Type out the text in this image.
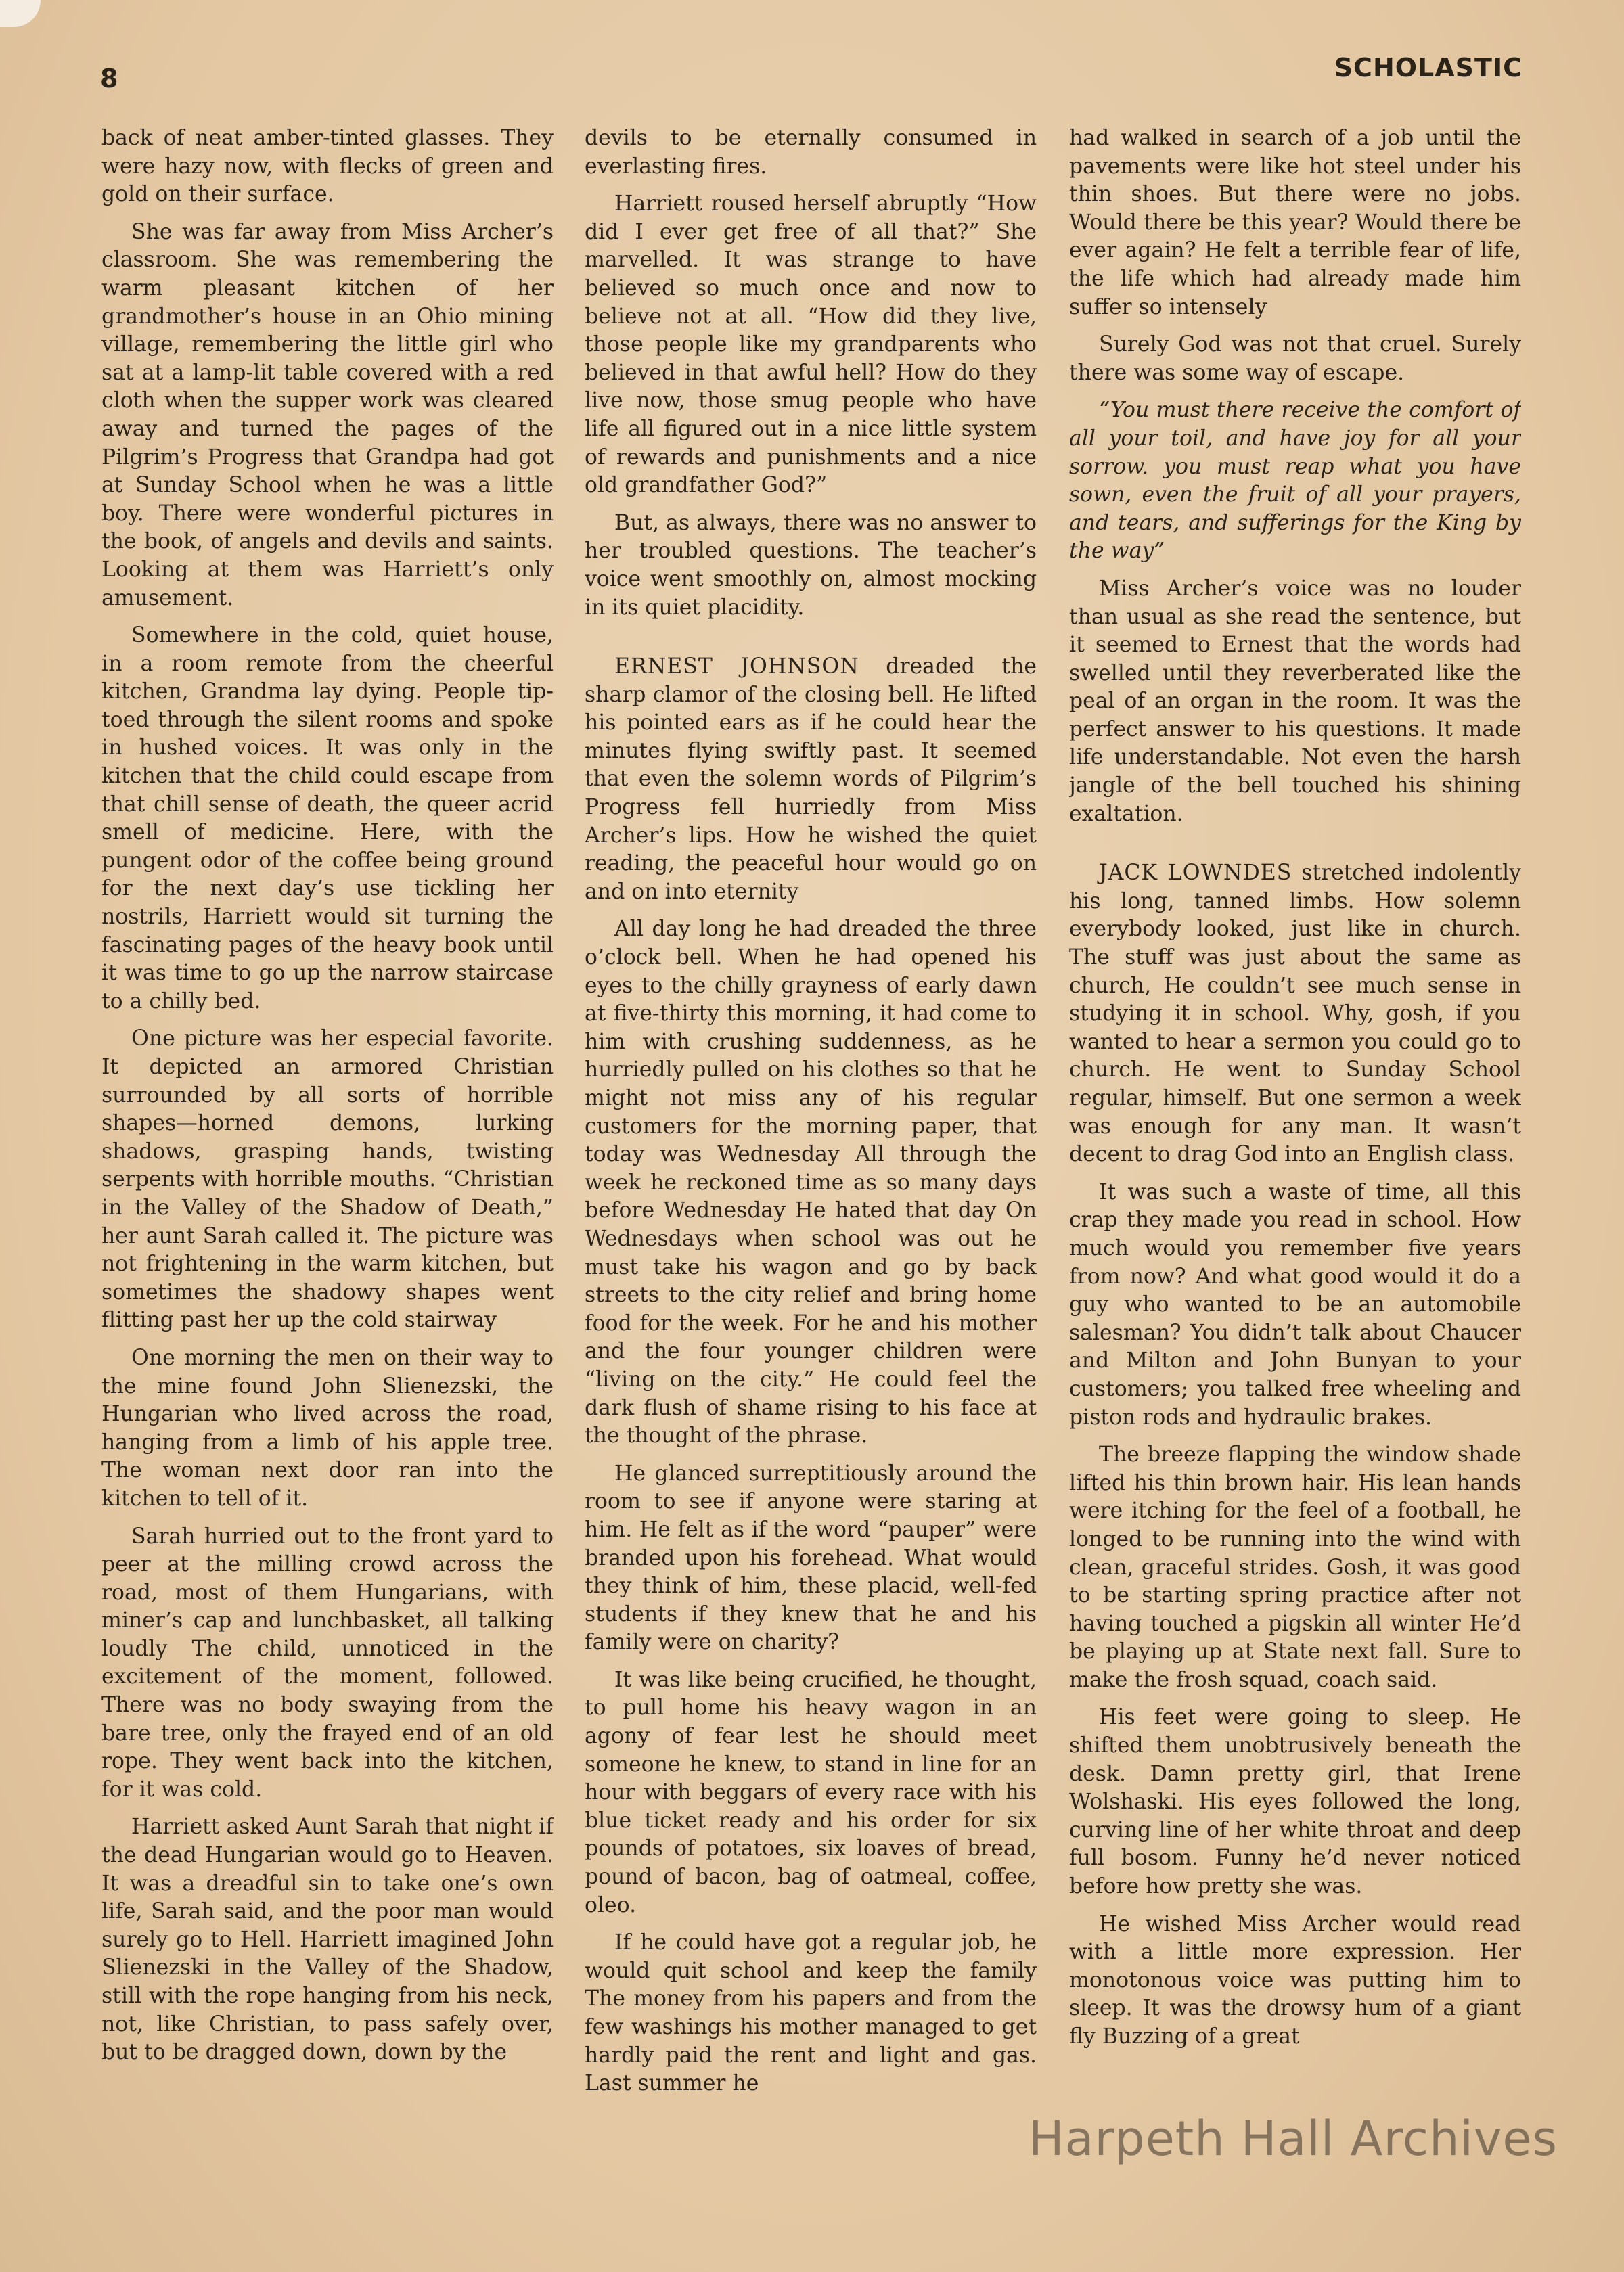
8	SCHOLASTIC

back of neat amber-tinted glasses. They were hazy now, with flecks of green and gold on their surface.

She was far away from Miss Archer’s classroom. She was remembering the warm pleasant kitchen of her grandmother’s house in an Ohio mining village, remembering the little girl who sat at a lamp-lit table covered with a red cloth when the supper work was cleared away and turned the pages of the Pilgrim’s Progress that Grandpa had got at Sunday School when he was a little boy. There were wonderful pictures in the book, of angels and devils and saints. Looking at them was Harriett’s only amusement.

Somewhere in the cold, quiet house, in a room remote from the cheerful kitchen, Grandma lay dying. People tip-toed through the silent rooms and spoke in hushed voices. It was only in the kitchen that the child could escape from that chill sense of death, the queer acrid smell of medicine. Here, with the pungent odor of the coffee being ground for the next day’s use tickling her nostrils, Harriett would sit turning the fascinating pages of the heavy book until it was time to go up the narrow staircase to a chilly bed.

One picture was her especial favorite. It depicted an armored Christian surrounded by all sorts of horrible shapes—horned demons, lurking shadows, grasping hands, twisting serpents with horrible mouths. “Christian in the Valley of the Shadow of Death,” her aunt Sarah called it. The picture was not frightening in the warm kitchen, but sometimes the shadowy shapes went flitting past her up the cold stairway

One morning the men on their way to the mine found John Slienezski, the Hungarian who lived across the road, hanging from a limb of his apple tree. The woman next door ran into the kitchen to tell of it.

Sarah hurried out to the front yard to peer at the milling crowd across the road, most of them Hungarians, with miner’s cap and lunchbasket, all talking loudly The child, unnoticed in the excitement of the moment, followed. There was no body swaying from the bare tree, only the frayed end of an old rope. They went back into the kitchen, for it was cold.

Harriett asked Aunt Sarah that night if the dead Hungarian would go to Heaven. It was a dreadful sin to take one’s own life, Sarah said, and the poor man would surely go to Hell. Harriett imagined John Slienezski in the Valley of the Shadow, still with the rope hanging from his neck, not, like Christian, to pass safely over, but to be dragged down, down by the

devils to be eternally consumed in everlasting fires.

Harriett roused herself abruptly “How did I ever get free of all that?” She marvelled. It was strange to have believed so much once and now to believe not at all. “How did they live, those people like my grandparents who believed in that awful hell? How do they live now, those smug people who have life all figured out in a nice little system of rewards and punishments and a nice old grandfather God?”

But, as always, there was no answer to her troubled questions. The teacher’s voice went smoothly on, almost mocking in its quiet placidity.

ERNEST JOHNSON dreaded the sharp clamor of the closing bell. He lifted his pointed ears as if he could hear the minutes flying swiftly past. It seemed that even the solemn words of Pilgrim’s Progress fell hurriedly from Miss Archer’s lips. How he wished the quiet reading, the peaceful hour would go on and on into eternity

All day long he had dreaded the three o’clock bell. When he had opened his eyes to the chilly grayness of early dawn at five-thirty this morning, it had come to him with crushing suddenness, as he hurriedly pulled on his clothes so that he might not miss any of his regular customers for the morning paper, that today was Wednesday All through the week he reckoned time as so many days before Wednesday He hated that day On Wednesdays when school was out he must take his wagon and go by back streets to the city relief and bring home food for the week. For he and his mother and the four younger children were “living on the city.” He could feel the dark flush of shame rising to his face at the thought of the phrase.

He glanced surreptitiously around the room to see if anyone were staring at him. He felt as if the word “pauper” were branded upon his forehead. What would they think of him, these placid, well-fed students if they knew that he and his family were on charity?

It was like being crucified, he thought, to pull home his heavy wagon in an agony of fear lest he should meet someone he knew, to stand in line for an hour with beggars of every race with his blue ticket ready and his order for six pounds of potatoes, six loaves of bread, pound of bacon, bag of oatmeal, coffee, oleo.

If he could have got a regular job, he would quit school and keep the family The money from his papers and from the few washings his mother managed to get hardly paid the rent and light and gas. Last summer he

had walked in search of a job until the pavements were like hot steel under his thin shoes. But there were no jobs. Would there be this year? Would there be ever again? He felt a terrible fear of life, the life which had already made him suffer so intensely

Surely God was not that cruel. Surely there was some way of escape.

“You must there receive the comfort of all your toil, and have joy for all your sorrow. you must reap what you have sown, even the fruit of all your prayers, and tears, and sufferings for the King by the way”

Miss Archer’s voice was no louder than usual as she read the sentence, but it seemed to Ernest that the words had swelled until they reverberated like the peal of an organ in the room. It was the perfect answer to his questions. It made life understandable. Not even the harsh jangle of the bell touched his shining exaltation.

JACK LOWNDES stretched indolently his long, tanned limbs. How solemn everybody looked, just like in church. The stuff was just about the same as church, He couldn’t see much sense in studying it in school. Why, gosh, if you wanted to hear a sermon you could go to church. He went to Sunday School regular, himself. But one sermon a week was enough for any man. It wasn’t decent to drag God into an English class.

It was such a waste of time, all this crap they made you read in school. How much would you remember five years from now? And what good would it do a guy who wanted to be an automobile salesman? You didn’t talk about Chaucer and Milton and John Bunyan to your customers; you talked free wheeling and piston rods and hydraulic brakes.

The breeze flapping the window shade lifted his thin brown hair. His lean hands were itching for the feel of a football, he longed to be running into the wind with clean, graceful strides. Gosh, it was good to be starting spring practice after not having touched a pigskin all winter He’d be playing up at State next fall. Sure to make the frosh squad, coach said.

His feet were going to sleep. He shifted them unobtrusively beneath the desk. Damn pretty girl, that Irene Wolshaski. His eyes followed the long, curving line of her white throat and deep full bosom. Funny he’d never noticed before how pretty she was.

He wished Miss Archer would read with a little more expression. Her monotonous voice was putting him to sleep. It was the drowsy hum of a giant fly Buzzing of a great

Harpeth Hall Archives
